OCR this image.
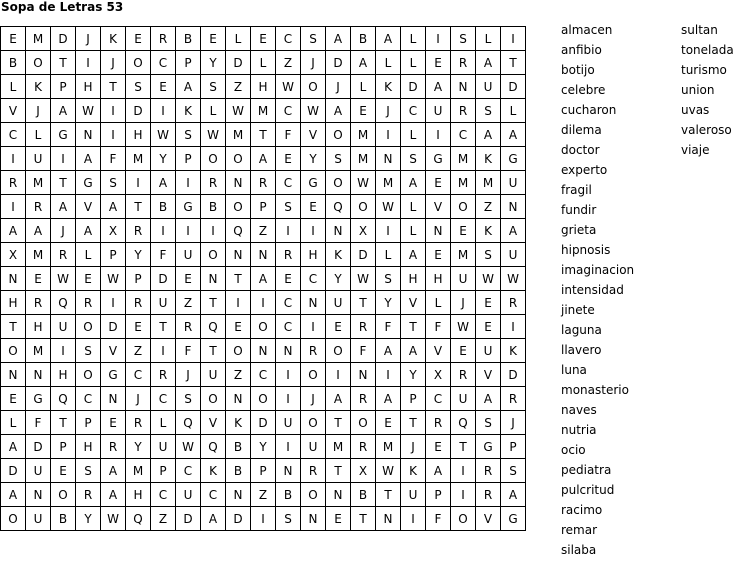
Sopa de Letras 53
E	M	D	J	K	E	R	B	E	L	E	C	S	A	B	A	L	I	S	L	I
B	O	T	I	J	O	C	P	Y	D	L	Z	J	D	A	L	L	E	R	A	T
L	K	P	H	T	S	E	A	S	Z	H	W	O	J	L	K	D	A	N	U	D
V	J	A	W	I	D	I	K	L	W	M	C	W	A	E	J	C	U	R	S	L
C	L	G	N	I	H	W	S	W	M	T	F	V	O	M	I	L	I	C	A	A
I	U	I	A	F	M	Y	P	O	O	A	E	Y	S	M	N	S	G	M	K	G
R	M	T	G	S	I	A	I	R	N	R	C	G	O	W	M	A	E	M	M	U
I	R	A	V	A	T	B	G	B	O	P	S	E	Q	O	W	L	V	O	Z	N
A	A	J	A	X	R	I	I	I	Q	Z	I	I	N	X	I	L	N	E	K	A
X	M	R	L	P	Y	F	U	O	N	N	R	H	K	D	L	A	E	M	S	U
N	E	W	E	W	P	D	E	N	T	A	E	C	Y	W	S	H	H	U	W	W
H	R	Q	R	I	R	U	Z	T	I	I	C	N	U	T	Y	V	L	J	E	R
T	H	U	O	D	E	T	R	Q	E	O	C	I	E	R	F	T	F	W	E	I
O	M	I	S	V	Z	I	F	T	O	N	N	R	O	F	A	A	V	E	U	K
N	N	H	O	G	C	R	J	U	Z	C	I	O	I	N	I	Y	X	R	V	D
E	G	Q	C	N	J	C	S	O	N	O	I	J	A	R	A	P	C	U	A	R
L	F	T	P	E	R	L	Q	V	K	D	U	O	T	O	E	T	R	Q	S	J
A	D	P	H	R	Y	U	W	Q	B	Y	I	U	M	R	M	J	E	T	G	P
D	U	E	S	A	M	P	C	K	B	P	N	R	T	X	W	K	A	I	R	S
A	N	O	R	A	H	C	U	C	N	Z	B	O	N	B	T	U	P	I	R	A
O	U	B	Y	W	Q	Z	D	A	D	I	S	N	E	T	N	I	F	O	V	G
almacen
anfibio
botijo
celebre
cucharon
dilema
doctor
experto
fragil
fundir
grieta
hipnosis
imaginacion
intensidad
jinete
laguna
llavero
luna
monasterio
naves
nutria
ocio
pediatra
pulcritud
racimo
remar
silaba
sultan
tonelada
turismo
union
uvas
valeroso
viaje
